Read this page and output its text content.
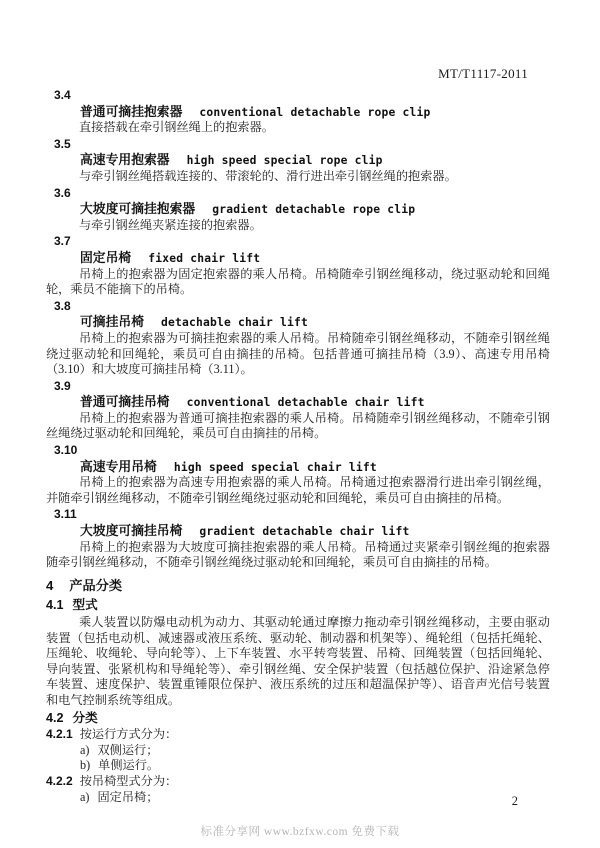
MT/T1117-2011
3.4
普通可摘挂抱索器 conventional detachable rope clip

直接搭载在牵引钢丝绳上的抱索器。

3.5
高速专用抱索器 high speed special rope clip

与牵引钢丝绳搭载连接的、带滚轮的、滑行进出牵引钢丝绳的抱索器。

3.6
大坡度可摘挂抱索器 gradient detachable rope clip

与牵引钢丝绳夹紧连接的抱索器。

3.7
固定吊椅 fixed chair lift

吊椅上的抱索器为固定抱索器的乘人吊椅。吊椅随牵引钢丝绳移动，绕过驱动轮和回绳轮，乘员不能摘下的吊椅。

3.8
可摘挂吊椅 detachable chair lift

吊椅上的抱索器为可摘挂抱索器的乘人吊椅。吊椅随牵引钢丝绳移动，不随牵引钢丝绳绕过驱动轮和回绳轮，乘员可自由摘挂的吊椅。包括普通可摘挂吊椅（3.9）、高速专用吊椅（3.10）和大坡度可摘挂吊椅（3.11）。

3.9
普通可摘挂吊椅 conventional detachable chair lift

吊椅上的抱索器为普通可摘挂抱索器的乘人吊椅。吊椅随牵引钢丝绳移动，不随牵引钢丝绳绕过驱动轮和回绳轮，乘员可自由摘挂的吊椅。

3.10
高速专用吊椅 high speed special chair lift

吊椅上的抱索器为高速专用抱索器的乘人吊椅。吊椅通过抱索器滑行进出牵引钢丝绳，并随牵引钢丝绳移动，不随牵引钢丝绳绕过驱动轮和回绳轮，乘员可自由摘挂的吊椅。

3.11
大坡度可摘挂吊椅 gradient detachable chair lift

吊椅上的抱索器为大坡度可摘挂抱索器的乘人吊椅。吊椅通过夹紧牵引钢丝绳的抱索器随牵引钢丝绳移动，不随牵引钢丝绳绕过驱动轮和回绳轮，乘员可自由摘挂的吊椅。

4 产品分类
4.1 型式

乘人装置以防爆电动机为动力、其驱动轮通过摩擦力拖动牵引钢丝绳移动，主要由驱动装置（包括电动机、减速器或液压系统、驱动轮、制动器和机架等）、绳轮组（包括托绳轮、压绳轮、收绳轮、导向轮等）、上下车装置、水平转弯装置、吊椅、回绳装置（包括回绳轮、导向装置、张紧机构和导绳轮等）、牵引钢丝绳、安全保护装置（包括越位保护、沿途紧急停车装置、速度保护、装置重锤限位保护、液压系统的过压和超温保护等）、语音声光信号装置和电气控制系统等组成。

4.2 分类
4.2.1 按运行方式分为：
a) 双侧运行；
b) 单侧运行。
4.2.2 按吊椅型式分为：
a) 固定吊椅；	2
标准分享网 www.bzfxw.com 免费下载
